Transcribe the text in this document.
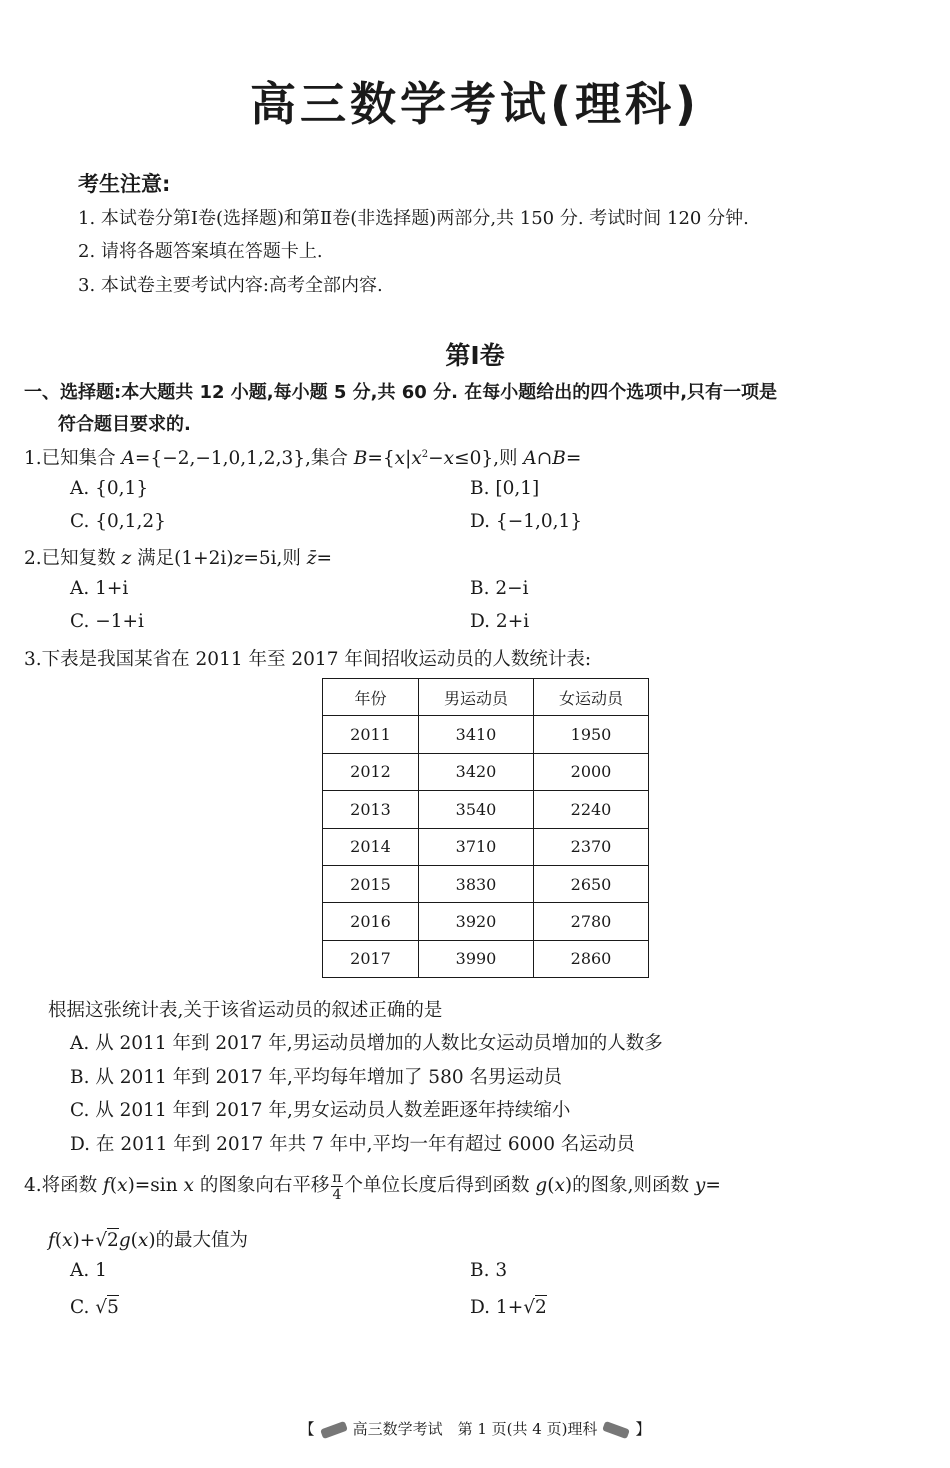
高三数学考试(理科)
考生注意:
1. 本试卷分第Ⅰ卷(选择题)和第Ⅱ卷(非选择题)两部分,共 150 分. 考试时间 120 分钟.
2. 请将各题答案填在答题卡上.
3. 本试卷主要考试内容:高考全部内容.
第Ⅰ卷
一、选择题:本大题共 12 小题,每小题 5 分,共 60 分. 在每小题给出的四个选项中,只有一项是
符合题目要求的.
1.已知集合 A={−2,−1,0,1,2,3},集合 $B=\{x|x^2-x\le 0\}$,则 A∩B=
A. {0,1}	B. [0,1]
C. {0,1,2}	D. {−1,0,1}
2.已知复数 z 满足(1+2i)z=5i,则 z̄=
A. 1+i	B. 2−i
C. −1+i	D. 2+i
3.下表是我国某省在 2011 年至 2017 年间招收运动员的人数统计表:
年份	男运动员	女运动员
2011	3410	1950
2012	3420	2000
2013	3540	2240
2014	3710	2370
2015	3830	2650
2016	3920	2780
2017	3990	2860
根据这张统计表,关于该省运动员的叙述正确的是
A. 从 2011 年到 2017 年,男运动员增加的人数比女运动员增加的人数多
B. 从 2011 年到 2017 年,平均每年增加了 580 名男运动员
C. 从 2011 年到 2017 年,男女运动员人数差距逐年持续缩小
D. 在 2011 年到 2017 年共 7 年中,平均一年有超过 6000 名运动员
4.将函数 f(x)=sin x 的图象向右平移 $\frac{\pi}{4}$ 个单位长度后得到函数 g(x)的图象,则函数 y=
f(x)+√2g(x)的最大值为
A. 1	B. 3
C. √5	D. 1+√2
【	高三数学考试　第 1 页(共 4 页)理科	】
